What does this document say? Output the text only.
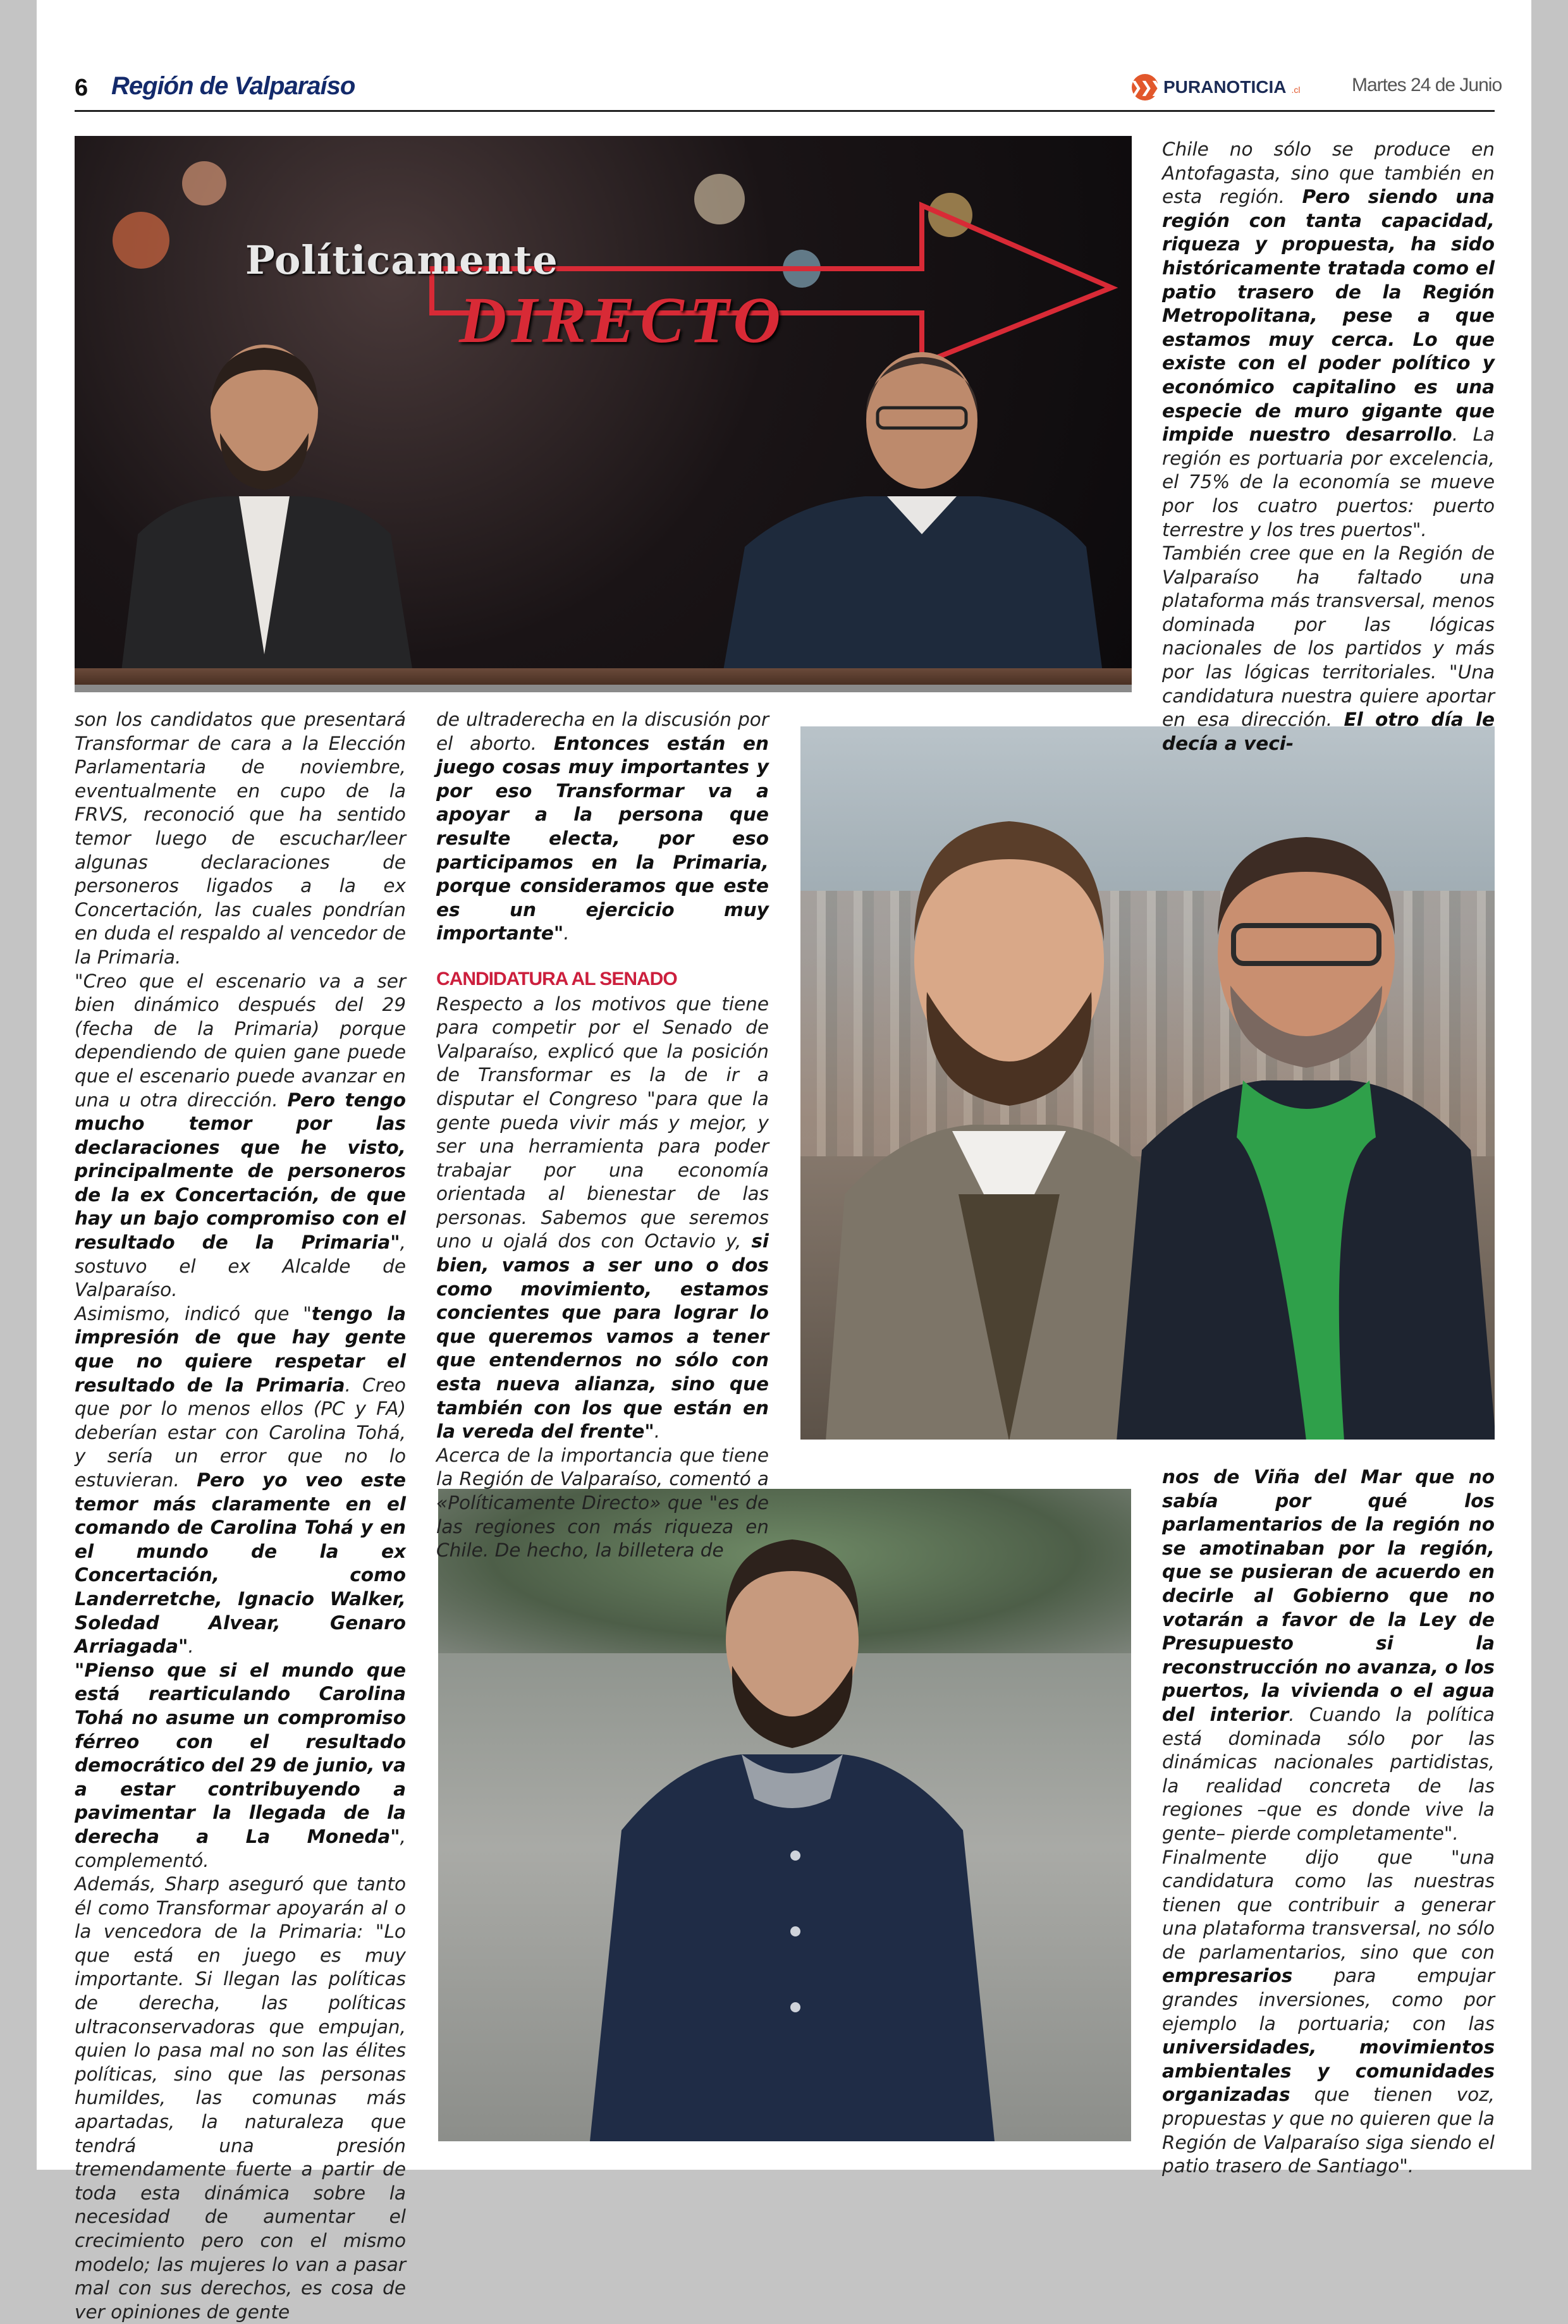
6 Región de Valparaíso	❯❯❯ PURANOTICIA .cl	Martes 24 de Junio
Políticamente
DIRECTO

Chile no sólo se produce en Antofagasta, sino que también en esta región. Pero siendo una región con tanta capacidad, riqueza y propuesta, ha sido históricamente tratada como el patio trasero de la Región Metropolitana, pese a que estamos muy cerca. Lo que existe con el poder político y económico capitalino es una especie de muro gigante que impide nuestro desarrollo. La región es portuaria por excelencia, el 75% de la economía se mueve por los cuatro puertos: puerto terrestre y los tres puertos".

También cree que en la Región de Valparaíso ha faltado una plataforma más transversal, menos dominada por las lógicas nacionales de los partidos y más por las lógicas territoriales. "Una candidatura nuestra quiere aportar en esa dirección. El otro día le decía a veci-

son los candidatos que presentará Transformar de cara a la Elección Parlamentaria de noviembre, eventualmente en cupo de la FRVS, reconoció que ha sentido temor luego de escuchar/leer algunas declaraciones de personeros ligados a la ex Concertación, las cuales pondrían en duda el respaldo al vencedor de la Primaria.

"Creo que el escenario va a ser bien dinámico después del 29 (fecha de la Primaria) porque dependiendo de quien gane puede que el escenario puede avanzar en una u otra dirección. Pero tengo mucho temor por las declaraciones que he visto, principalmente de personeros de la ex Concertación, de que hay un bajo compromiso con el resultado de la Primaria", sostuvo el ex Alcalde de Valparaíso.

Asimismo, indicó que "tengo la impresión de que hay gente que no quiere respetar el resultado de la Primaria. Creo que por lo menos ellos (PC y FA) deberían estar con Carolina Tohá, y sería un error que no lo estuvieran. Pero yo veo este temor más claramente en el comando de Carolina Tohá y en el mundo de la ex Concertación, como Landerretche, Ignacio Walker, Soledad Alvear, Genaro Arriagada".

"Pienso que si el mundo que está rearticulando Carolina Tohá no asume un compromiso férreo con el resultado democrático del 29 de junio, va a estar contribuyendo a pavimentar la llegada de la derecha a La Moneda", complementó.

Además, Sharp aseguró que tanto él como Transformar apoyarán al o la vencedora de la Primaria: "Lo que está en juego es muy importante. Si llegan las políticas de derecha, las políticas ultraconservadoras que empujan, quien lo pasa mal no son las élites políticas, sino que las personas humildes, las comunas más apartadas, la naturaleza que tendrá una presión tremendamente fuerte a partir de toda esta dinámica sobre la necesidad de aumentar el crecimiento pero con el mismo modelo; las mujeres lo van a pasar mal con sus derechos, es cosa de ver opiniones de gente

de ultraderecha en la discusión por el aborto. Entonces están en juego cosas muy importantes y por eso Transformar va a apoyar a la persona que resulte electa, por eso participamos en la Primaria, porque consideramos que este es un ejercicio muy importante".

CANDIDATURA AL SENADO

Respecto a los motivos que tiene para competir por el Senado de Valparaíso, explicó que la posición de Transformar es la de ir a disputar el Congreso "para que la gente pueda vivir más y mejor, y ser una herramienta para poder trabajar por una economía orientada al bienestar de las personas. Sabemos que seremos uno u ojalá dos con Octavio y, si bien, vamos a ser uno o dos como movimiento, estamos concientes que para lograr lo que queremos vamos a tener que entendernos no sólo con esta nueva alianza, sino que también con los que están en la vereda del frente".

Acerca de la importancia que tiene la Región de Valparaíso, comentó a «Políticamente Directo» que "es de las regiones con más riqueza en Chile. De hecho, la billetera de

nos de Viña del Mar que no sabía por qué los parlamentarios de la región no se amotinaban por la región, que se pusieran de acuerdo en decirle al Gobierno que no votarán a favor de la Ley de Presupuesto si la reconstrucción no avanza, o los puertos, la vivienda o el agua del interior. Cuando la política está dominada sólo por las dinámicas nacionales partidistas, la realidad concreta de las regiones –que es donde vive la gente– pierde completamente".

Finalmente dijo que "una candidatura como las nuestras tienen que contribuir a generar una plataforma transversal, no sólo de parlamentarios, sino que con empresarios para empujar grandes inversiones, como por ejemplo la portuaria; con las universidades, movimientos ambientales y comunidades organizadas que tienen voz, propuestas y que no quieren que la Región de Valparaíso siga siendo el patio trasero de Santiago".
